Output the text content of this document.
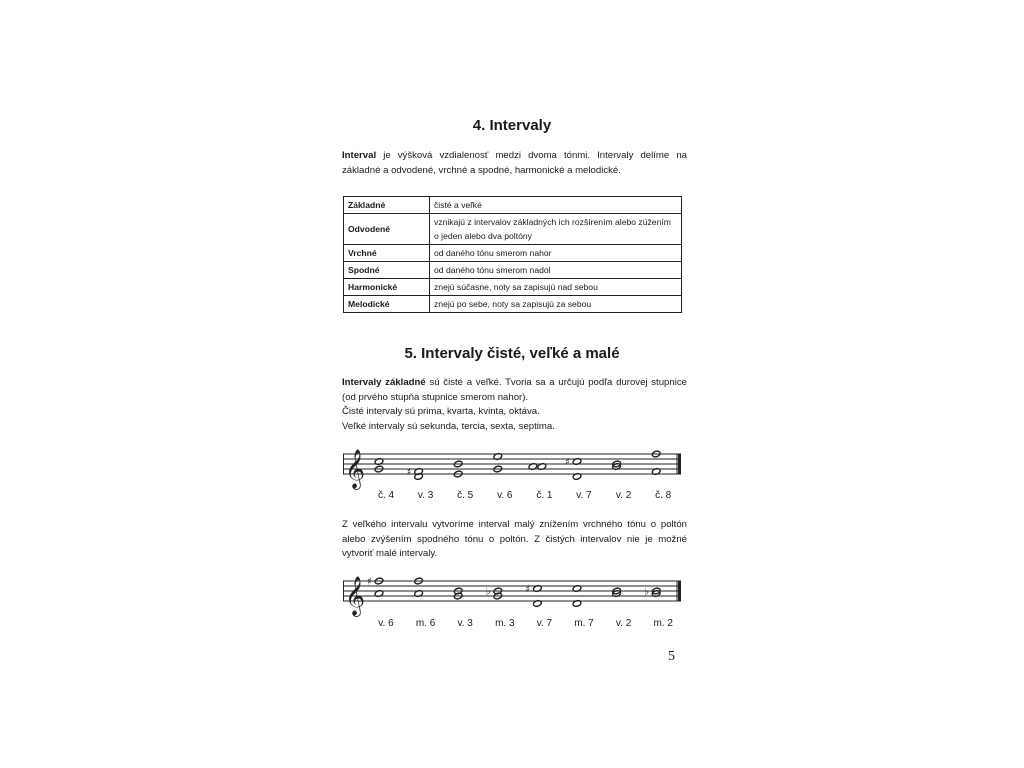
4. Intervaly

Interval je výšková vzdialenosť medzi dvoma tónmi. Intervaly delíme na základné a odvodené, vrchné a spodné, harmonické a melodické.

Základné	čisté a veľké
Odvodené	vznikajú z intervalov základných ich rozšírením alebo zúžením o jeden alebo dva poltóny
Vrchné	od daného tónu smerom nahor
Spodné	od daného tónu smerom nadol
Harmonické	znejú súčasne, noty sa zapisujú nad sebou
Melodické	znejú po sebe, noty sa zapisujú za sebou
5. Intervaly čisté, veľké a malé
Intervaly základné sú čisté a veľké. Tvoria sa a určujú podľa durovej stupnice (od prvého stupňa stupnice smerom nahor).
Čisté intervaly sú prima, kvarta, kvinta, oktáva.
Veľké intervaly sú sekunda, tercia, sexta, septima.
𝄞	♯
♯
č. 4	v. 3	č. 5	v. 6	č. 1	v. 7	v. 2	č. 8

Z veľkého intervalu vytvoríme interval malý znížením vrchného tónu o poltón alebo zvýšením spodného tónu o poltón. Z čistých intervalov nie je možné vytvoriť malé intervaly.

𝄞 ♯
♭	♯	♭
v. 6	m. 6	v. 3	m. 3	v. 7	m. 7	v. 2	m. 2
5
